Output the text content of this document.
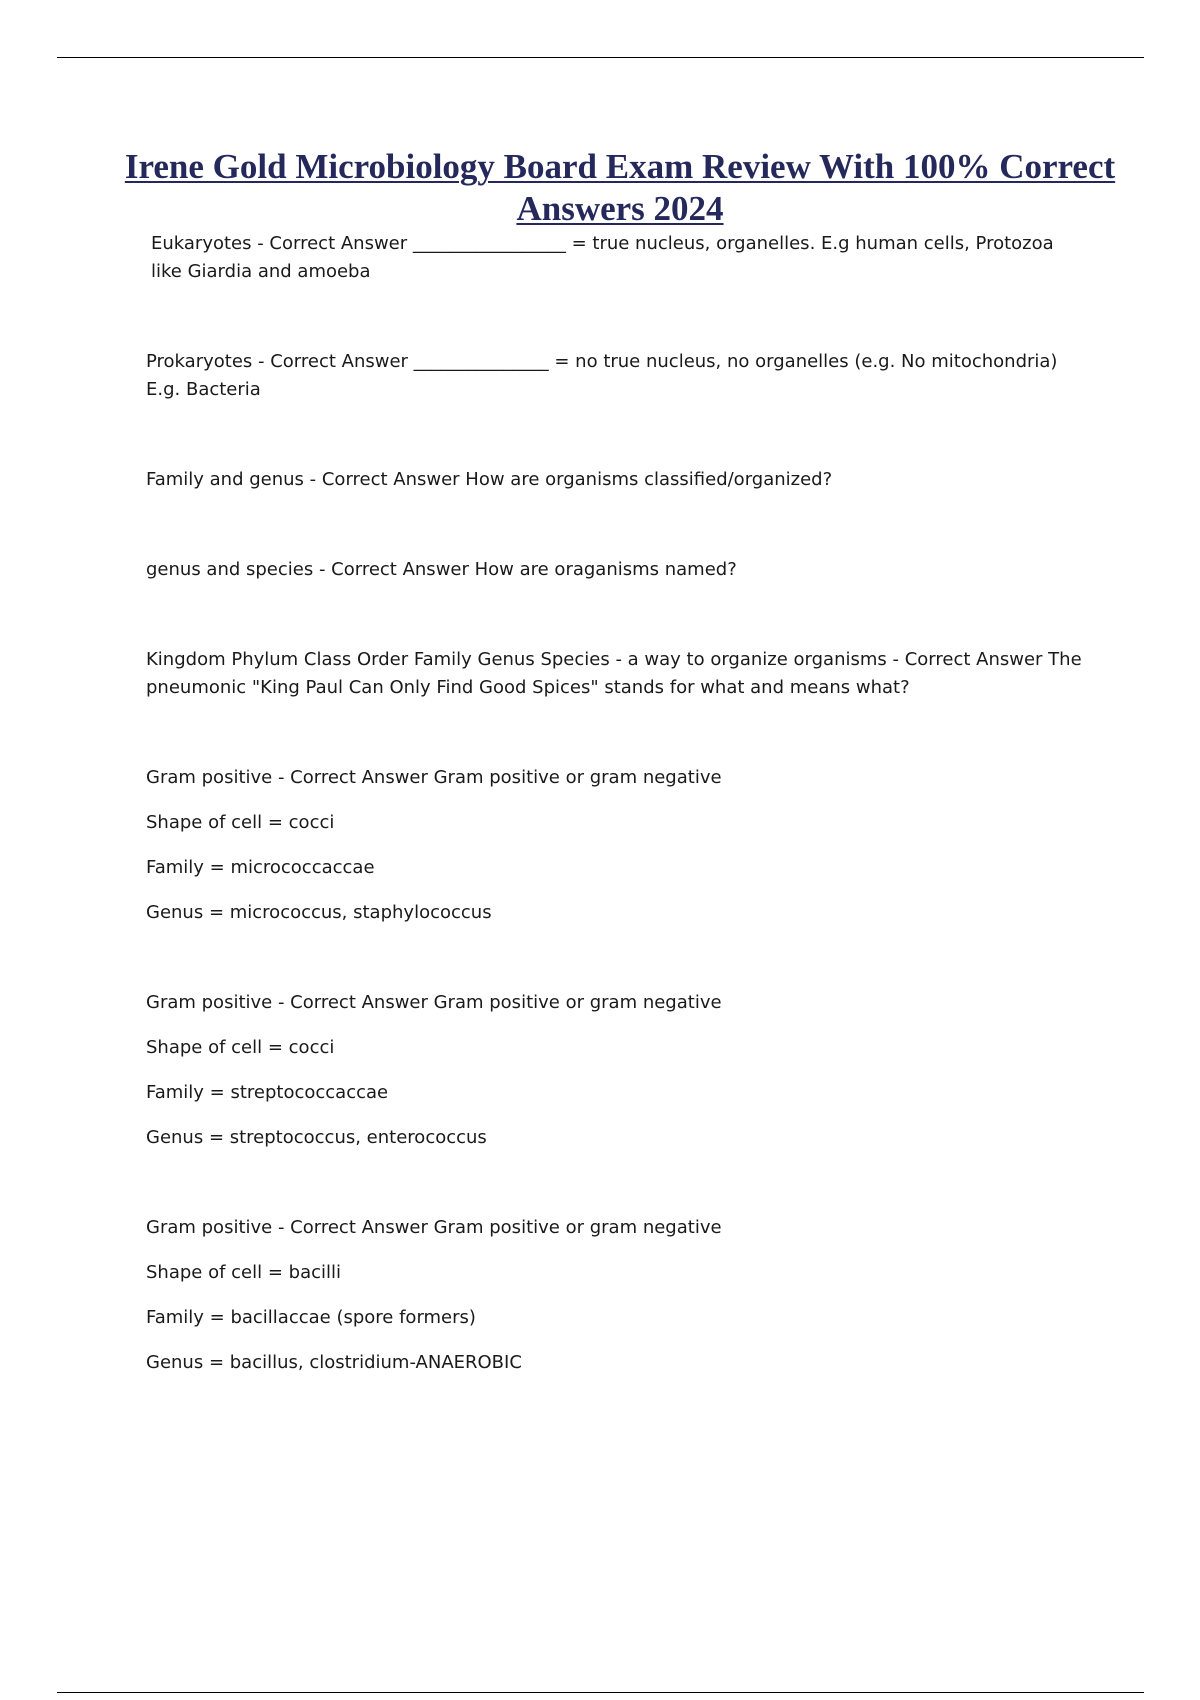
Irene Gold Microbiology Board Exam Review With 100% Correct Answers 2024

Eukaryotes - Correct Answer _________________ = true nucleus, organelles. E.g human cells, Protozoa like Giardia and amoeba

Prokaryotes - Correct Answer _______________ = no true nucleus, no organelles (e.g. No mitochondria) E.g. Bacteria

Family and genus - Correct Answer How are organisms classified/organized?

genus and species - Correct Answer How are oraganisms named?

Kingdom Phylum Class Order Family Genus Species - a way to organize organisms - Correct Answer The pneumonic "King Paul Can Only Find Good Spices" stands for what and means what?

Gram positive - Correct Answer Gram positive or gram negative

Shape of cell = cocci

Family = micrococcaccae

Genus = micrococcus, staphylococcus

Gram positive - Correct Answer Gram positive or gram negative

Shape of cell = cocci

Family = streptococcaccae

Genus = streptococcus, enterococcus

Gram positive - Correct Answer Gram positive or gram negative

Shape of cell = bacilli

Family = bacillaccae (spore formers)

Genus = bacillus, clostridium-ANAEROBIC
